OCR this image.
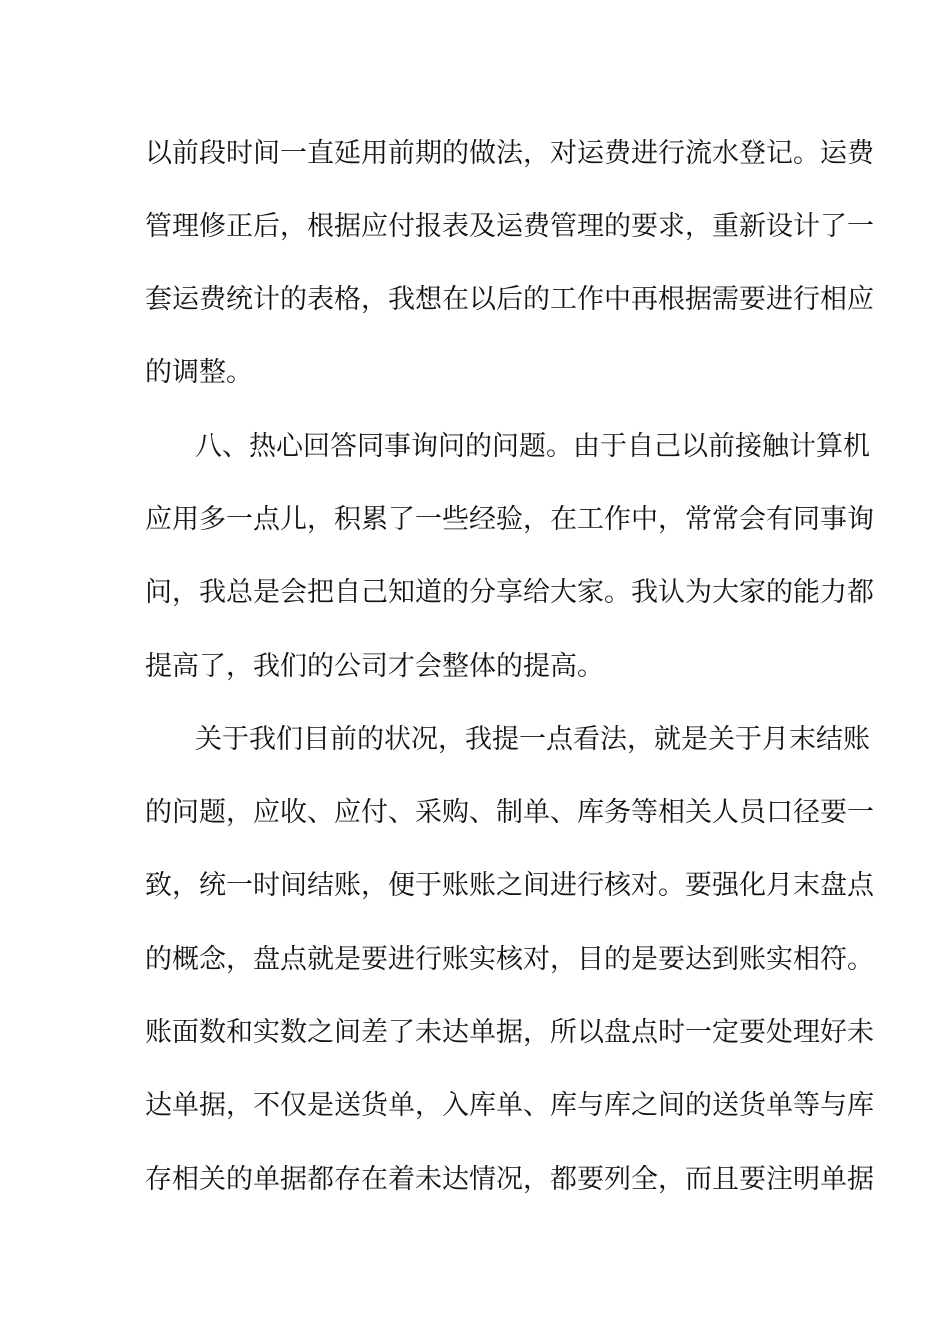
以前段时间一直延用前期的做法，对运费进行流水登记。运费
管理修正后，根据应付报表及运费管理的要求，重新设计了一
套运费统计的表格，我想在以后的工作中再根据需要进行相应
的调整。
八、热心回答同事询问的问题。由于自己以前接触计算机
应用多一点儿，积累了一些经验，在工作中，常常会有同事询
问，我总是会把自己知道的分享给大家。我认为大家的能力都
提高了，我们的公司才会整体的提高。
关于我们目前的状况，我提一点看法，就是关于月末结账
的问题，应收、应付、采购、制单、库务等相关人员口径要一
致，统一时间结账，便于账账之间进行核对。要强化月末盘点
的概念，盘点就是要进行账实核对，目的是要达到账实相符。
账面数和实数之间差了未达单据，所以盘点时一定要处理好未
达单据，不仅是送货单，入库单、库与库之间的送货单等与库
存相关的单据都存在着未达情况，都要列全，而且要注明单据
